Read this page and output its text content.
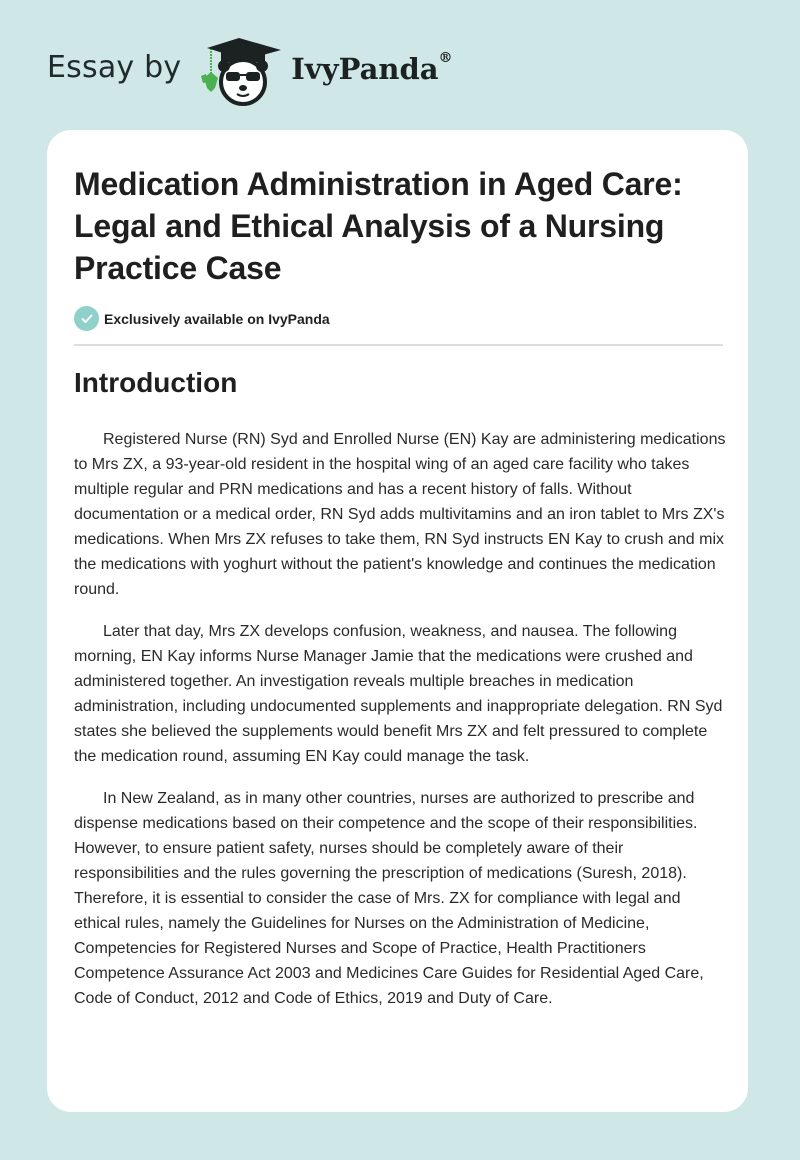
Essay by	IvyPanda®
Medication Administration in Aged Care: Legal and Ethical Analysis of a Nursing Practice Case
Exclusively available on IvyPanda
Introduction

Registered Nurse (RN) Syd and Enrolled Nurse (EN) Kay are administering medications to Mrs ZX, a 93-year-old resident in the hospital wing of an aged care facility who takes multiple regular and PRN medications and has a recent history of falls. Without documentation or a medical order, RN Syd adds multivitamins and an iron tablet to Mrs ZX's medications. When Mrs ZX refuses to take them, RN Syd instructs EN Kay to crush and mix the medications with yoghurt without the patient's knowledge and continues the medication round.

Later that day, Mrs ZX develops confusion, weakness, and nausea. The following morning, EN Kay informs Nurse Manager Jamie that the medications were crushed and administered together. An investigation reveals multiple breaches in medication administration, including undocumented supplements and inappropriate delegation. RN Syd states she believed the supplements would benefit Mrs ZX and felt pressured to complete the medication round, assuming EN Kay could manage the task.

In New Zealand, as in many other countries, nurses are authorized to prescribe and dispense medications based on their competence and the scope of their responsibilities. However, to ensure patient safety, nurses should be completely aware of their responsibilities and the rules governing the prescription of medications (Suresh, 2018). Therefore, it is essential to consider the case of Mrs. ZX for compliance with legal and ethical rules, namely the Guidelines for Nurses on the Administration of Medicine, Competencies for Registered Nurses and Scope of Practice, Health Practitioners Competence Assurance Act 2003 and Medicines Care Guides for Residential Aged Care, Code of Conduct, 2012 and Code of Ethics, 2019 and Duty of Care.
